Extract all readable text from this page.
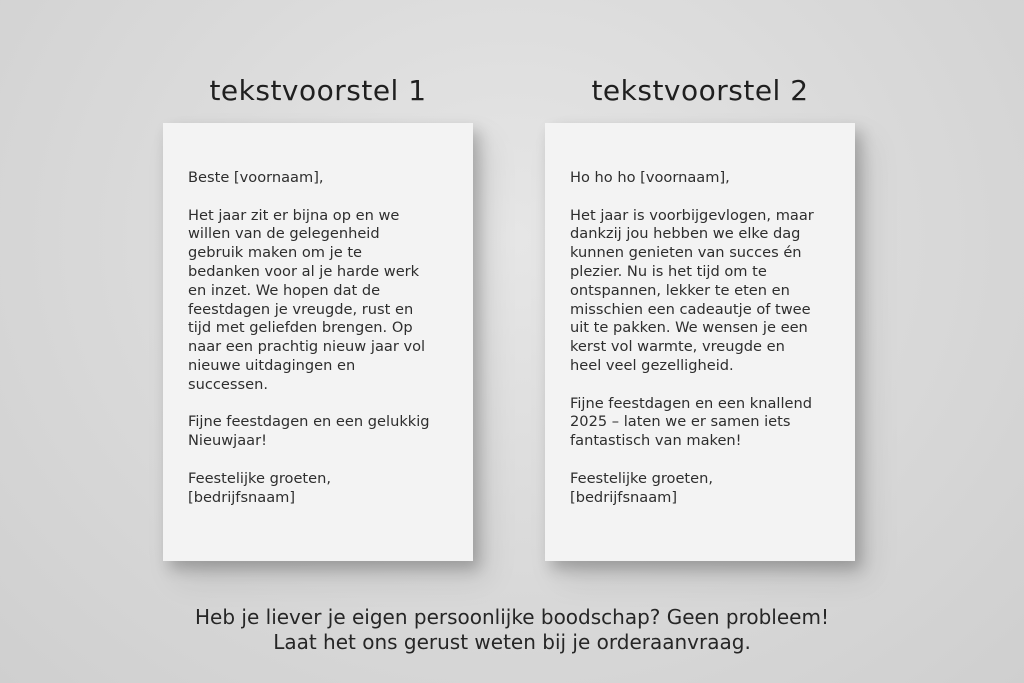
tekstvoorstel 1	tekstvoorstel 2

Beste [voornaam],

Het jaar zit er bijna op en we
willen van de gelegenheid
gebruik maken om je te
bedanken voor al je harde werk
en inzet. We hopen dat de
feestdagen je vreugde, rust en
tijd met geliefden brengen. Op
naar een prachtig nieuw jaar vol
nieuwe uitdagingen en
successen.

Fijne feestdagen en een gelukkig
Nieuwjaar!

Feestelijke groeten,
[bedrijfsnaam]

Ho ho ho [voornaam],

Het jaar is voorbijgevlogen, maar
dankzij jou hebben we elke dag
kunnen genieten van succes én
plezier. Nu is het tijd om te
ontspannen, lekker te eten en
misschien een cadeautje of twee
uit te pakken. We wensen je een
kerst vol warmte, vreugde en
heel veel gezelligheid.

Fijne feestdagen en een knallend
2025 – laten we er samen iets
fantastisch van maken!

Feestelijke groeten,
[bedrijfsnaam]

Heb je liever je eigen persoonlijke boodschap? Geen probleem!

Laat het ons gerust weten bij je orderaanvraag.
